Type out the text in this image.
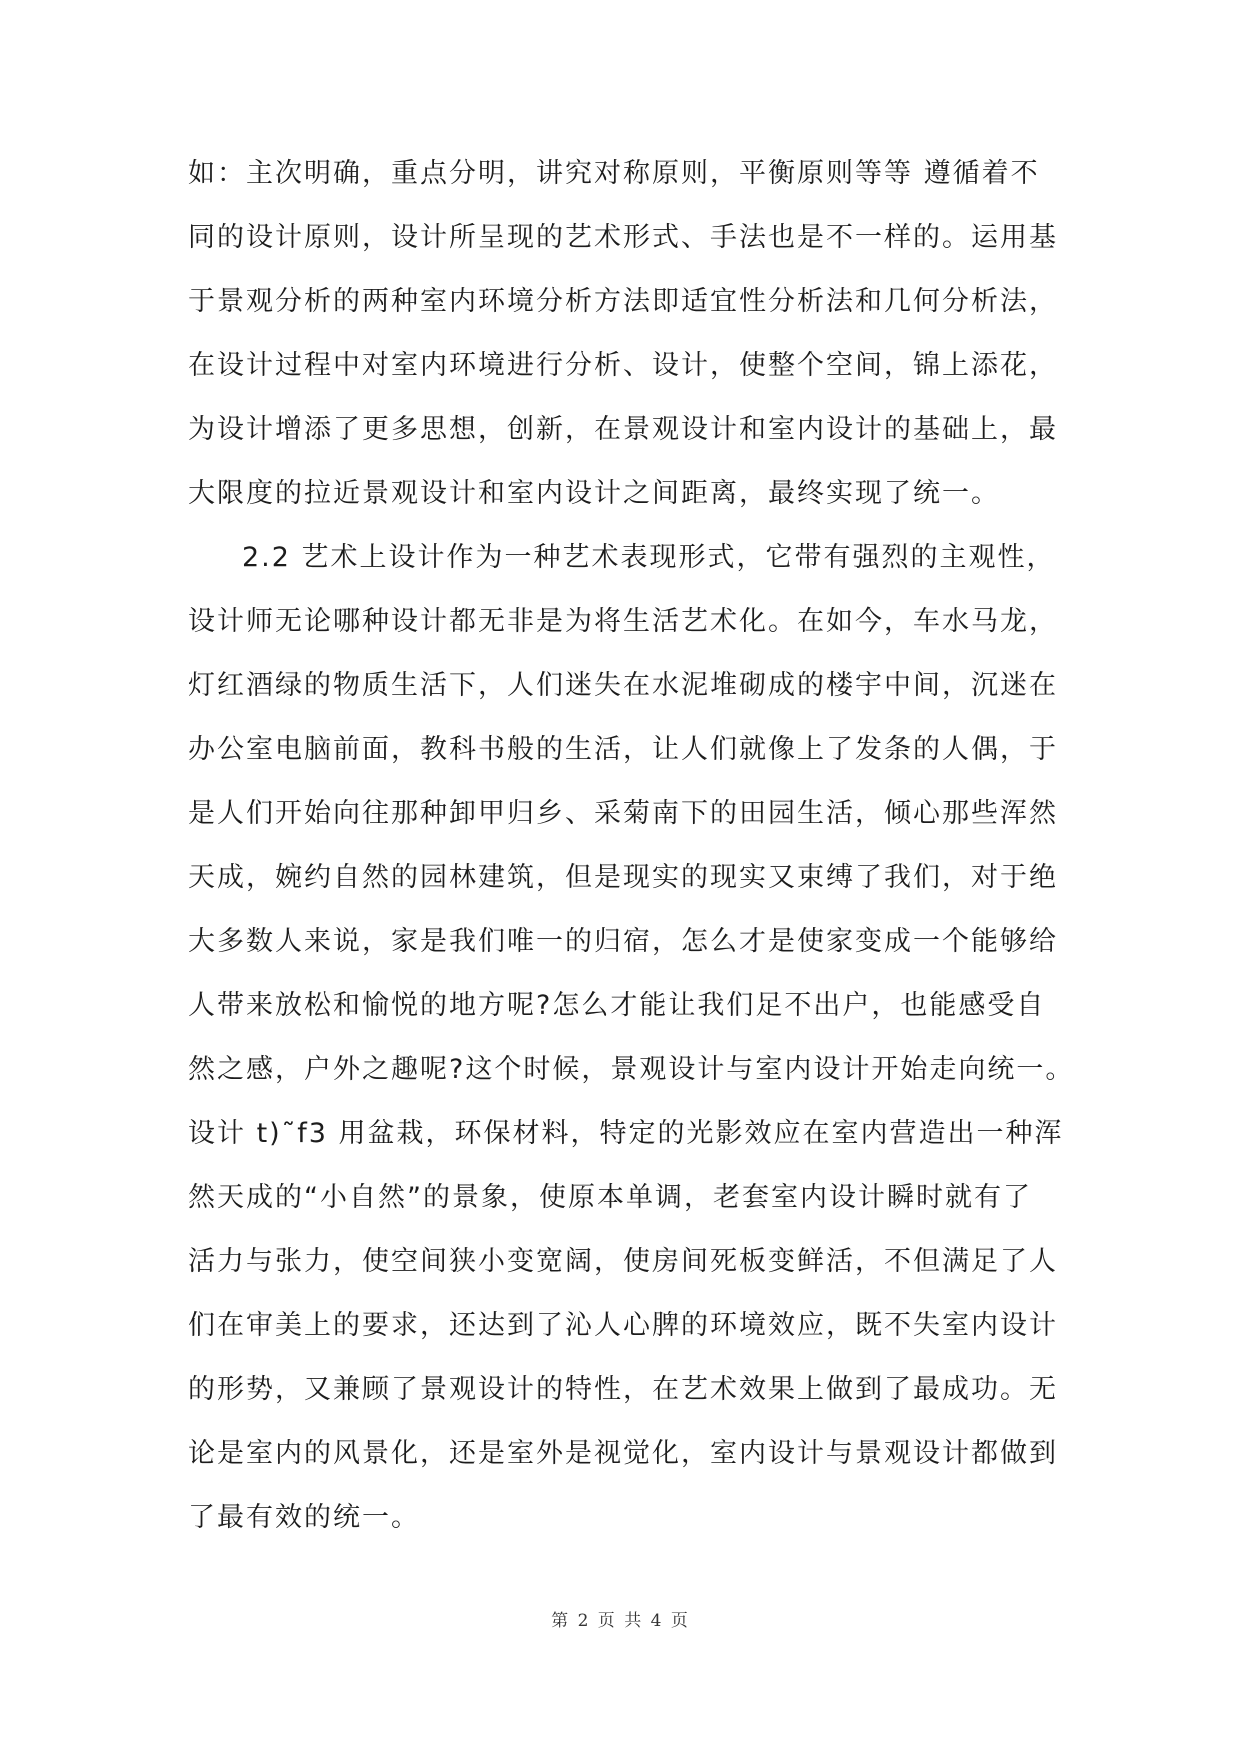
如：主次明确，重点分明，讲究对称原则，平衡原则等等 遵循着不
同的设计原则，设计所呈现的艺术形式、手法也是不一样的。运用基
于景观分析的两种室内环境分析方法即适宜性分析法和几何分析法，
在设计过程中对室内环境进行分析、设计，使整个空间，锦上添花，
为设计增添了更多思想，创新，在景观设计和室内设计的基础上，最
大限度的拉近景观设计和室内设计之间距离，最终实现了统一。
2.2 艺术上设计作为一种艺术表现形式，它带有强烈的主观性，
设计师无论哪种设计都无非是为将生活艺术化。在如今，车水马龙，
灯红酒绿的物质生活下，人们迷失在水泥堆砌成的楼宇中间，沉迷在
办公室电脑前面，教科书般的生活，让人们就像上了发条的人偶，于
是人们开始向往那种卸甲归乡、采菊南下的田园生活，倾心那些浑然
天成，婉约自然的园林建筑，但是现实的现实又束缚了我们，对于绝
大多数人来说，家是我们唯一的归宿，怎么才是使家变成一个能够给
人带来放松和愉悦的地方呢?怎么才能让我们足不出户，也能感受自
然之感，户外之趣呢?这个时候，景观设计与室内设计开始走向统一。
设计 t)˜f3 用盆栽，环保材料，特定的光影效应在室内营造出一种浑
然天成的“小自然”的景象，使原本单调，老套室内设计瞬时就有了
活力与张力，使空间狭小变宽阔，使房间死板变鲜活，不但满足了人
们在审美上的要求，还达到了沁人心脾的环境效应，既不失室内设计
的形势，又兼顾了景观设计的特性，在艺术效果上做到了最成功。无
论是室内的风景化，还是室外是视觉化，室内设计与景观设计都做到
了最有效的统一。
第 2 页 共 4 页
